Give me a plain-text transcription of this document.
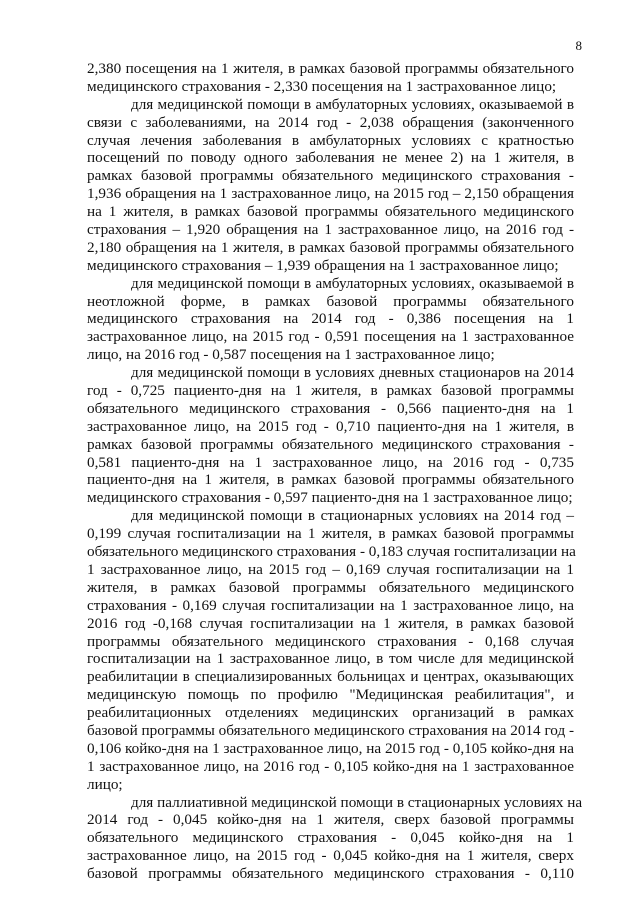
8
2,380 посещения на 1 жителя, в рамках базовой программы обязательного
медицинского страхования - 2,330 посещения на 1 застрахованное лицо;
для медицинской помощи в амбулаторных условиях, оказываемой в
связи с заболеваниями, на 2014 год - 2,038 обращения (законченного
случая лечения заболевания в амбулаторных условиях с кратностью
посещений по поводу одного заболевания не менее 2) на 1 жителя, в
рамках базовой программы обязательного медицинского страхования -
1,936 обращения на 1 застрахованное лицо, на 2015 год – 2,150 обращения
на 1 жителя, в рамках базовой программы обязательного медицинского
страхования – 1,920 обращения на 1 застрахованное лицо, на 2016 год -
2,180 обращения на 1 жителя, в рамках базовой программы обязательного
медицинского страхования – 1,939 обращения на 1 застрахованное лицо;
для медицинской помощи в амбулаторных условиях, оказываемой в
неотложной форме, в рамках базовой программы обязательного
медицинского страхования на 2014 год - 0,386 посещения на 1
застрахованное лицо, на 2015 год - 0,591 посещения на 1 застрахованное
лицо, на 2016 год - 0,587 посещения на 1 застрахованное лицо;
для медицинской помощи в условиях дневных стационаров на 2014
год - 0,725 пациенто-дня на 1 жителя, в рамках базовой программы
обязательного медицинского страхования - 0,566 пациенто-дня на 1
застрахованное лицо, на 2015 год - 0,710 пациенто-дня на 1 жителя, в
рамках базовой программы обязательного медицинского страхования -
0,581 пациенто-дня на 1 застрахованное лицо, на 2016 год - 0,735
пациенто-дня на 1 жителя, в рамках базовой программы обязательного
медицинского страхования - 0,597 пациенто-дня на 1 застрахованное лицо;
для медицинской помощи в стационарных условиях на 2014 год –
0,199 случая госпитализации на 1 жителя, в рамках базовой программы
обязательного медицинского страхования - 0,183 случая госпитализации на
1 застрахованное лицо, на 2015 год – 0,169 случая госпитализации на 1
жителя, в рамках базовой программы обязательного медицинского
страхования - 0,169 случая госпитализации на 1 застрахованное лицо, на
2016 год -0,168 случая госпитализации на 1 жителя, в рамках базовой
программы обязательного медицинского страхования - 0,168 случая
госпитализации на 1 застрахованное лицо, в том числе для медицинской
реабилитации в специализированных больницах и центрах, оказывающих
медицинскую помощь по профилю "Медицинская реабилитация", и
реабилитационных отделениях медицинских организаций в рамках
базовой программы обязательного медицинского страхования на 2014 год -
0,106 койко-дня на 1 застрахованное лицо, на 2015 год - 0,105 койко-дня на
1 застрахованное лицо, на 2016 год - 0,105 койко-дня на 1 застрахованное
лицо;
для паллиативной медицинской помощи в стационарных условиях на
2014 год - 0,045 койко-дня на 1 жителя, сверх базовой программы
обязательного медицинского страхования - 0,045 койко-дня на 1
застрахованное лицо, на 2015 год - 0,045 койко-дня на 1 жителя, сверх
базовой программы обязательного медицинского страхования - 0,110
